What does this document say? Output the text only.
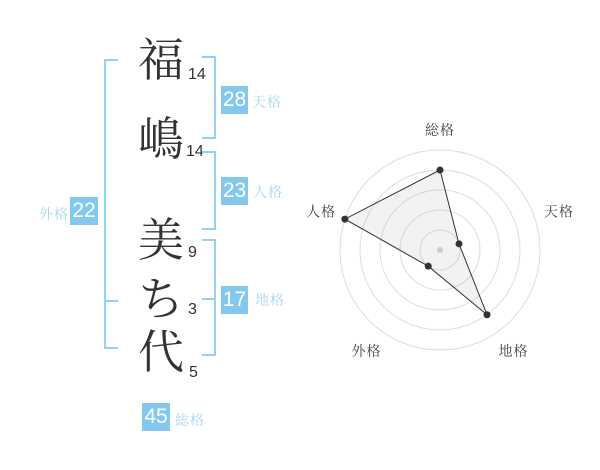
福
嶋
美
ち
代
14
14
9
3
5
28 天格
23 人格
17 地格
外格 22
45 総格
総格
天格
地格
外格
人格
